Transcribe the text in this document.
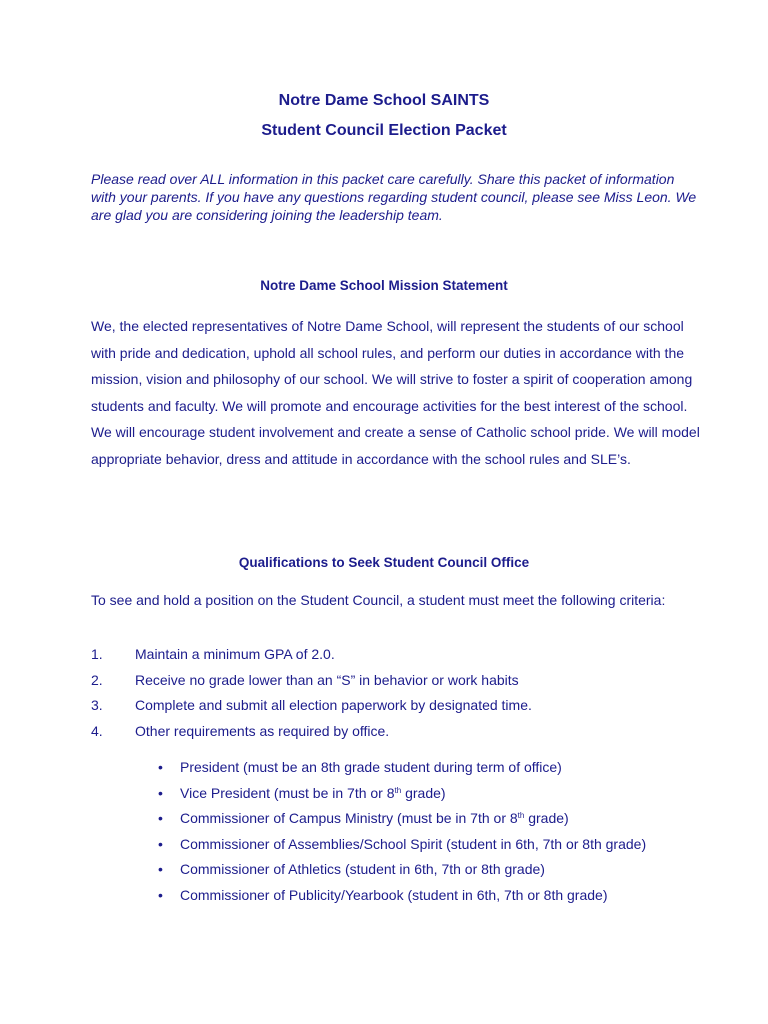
Notre Dame School SAINTS
Student Council Election Packet
Please read over ALL information in this packet care carefully. Share this packet of information with your parents. If you have any questions regarding student council, please see Miss Leon. We are glad you are considering joining the leadership team.
Notre Dame School Mission Statement
We, the elected representatives of Notre Dame School, will represent the students of our school with pride and dedication, uphold all school rules, and perform our duties in accordance with the mission, vision and philosophy of our school. We will strive to foster a spirit of cooperation among students and faculty. We will promote and encourage activities for the best interest of the school. We will encourage student involvement and create a sense of Catholic school pride. We will model appropriate behavior, dress and attitude in accordance with the school rules and SLE’s.
Qualifications to Seek Student Council Office
To see and hold a position on the Student Council, a student must meet the following criteria:
1. Maintain a minimum GPA of 2.0.
2. Receive no grade lower than an “S” in behavior or work habits
3. Complete and submit all election paperwork by designated time.
4. Other requirements as required by office.
• President (must be an 8th grade student during term of office)
• Vice President (must be in 7th or 8th grade)
• Commissioner of Campus Ministry (must be in 7th or 8th grade)
• Commissioner of Assemblies/School Spirit (student in 6th, 7th or 8th grade)
• Commissioner of Athletics (student in 6th, 7th or 8th grade)
• Commissioner of Publicity/Yearbook (student in 6th, 7th or 8th grade)
